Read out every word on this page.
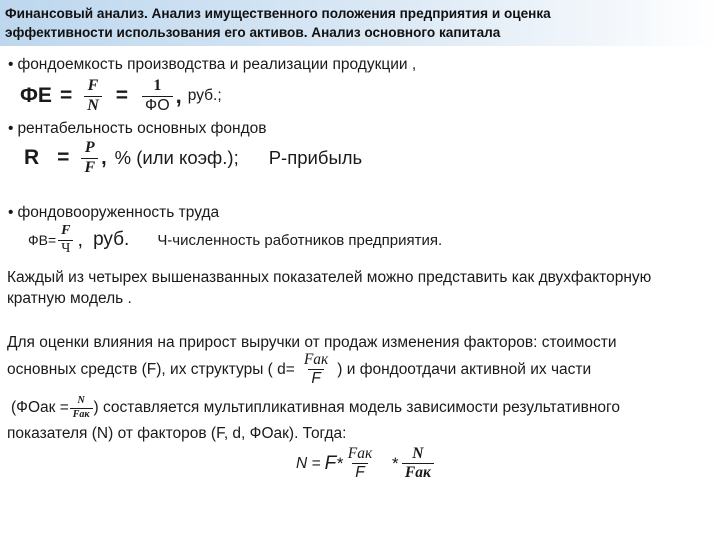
Финансовый анализ. Анализ имущественного положения предприятия и оценка
эффективности использования его активов. Анализ основного капитала
• фондоемкость производства и реализации продукции ,
ФЕ = $\frac{F}{N} = \frac{1}{ФО}$ , руб.;
• рентабельность основных фондов
$R = \frac{P}{F}$ , % (или коэф.); Р-прибыль
• фондовооруженность труда
$ФВ= \frac{F}{Ч}$ , руб. Ч-численность работников предприятия.
Каждый из четырех вышеназванных показателей можно представить как двухфакторную
кратную модель .
Для оценки влияния на прирост выручки от продаж изменения факторов: стоимости
основных средств (F), их структуры ( $d= \frac{\text{Fак}}{F}$ ) и фондоотдачи активной их части
(ФОак = $\frac{N}{\text{Fак}}$ ) составляется мультипликативная модель зависимости результативного
показателя (N) от факторов (F, d, ФОак). Тогда:
$N = F * \frac{\text{Fак}}{F} * \frac{N}{\text{Fак}}$
